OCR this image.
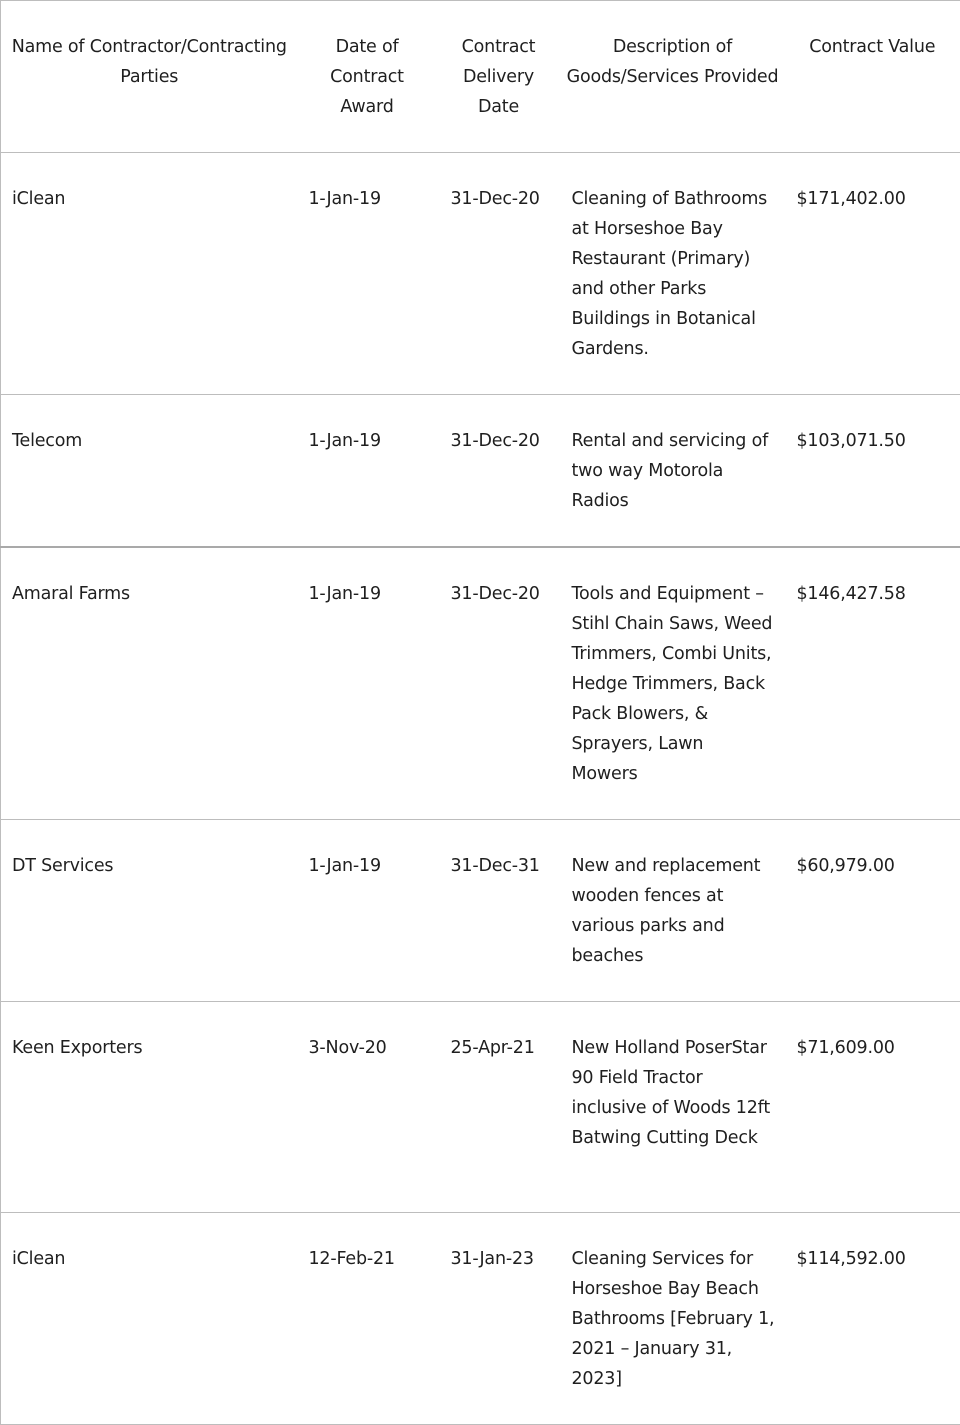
Name of Contractor/Contracting Parties	Date of Contract Award	Contract Delivery Date	Description of Goods/Services Provided	Contract Value
iClean	1-Jan-19	31-Dec-20	Cleaning of Bathrooms at Horseshoe Bay Restaurant (Primary) and other Parks Buildings in Botanical Gardens.	$171,402.00
Telecom	1-Jan-19	31-Dec-20	Rental and servicing of two way Motorola Radios	$103,071.50
Amaral Farms	1-Jan-19	31-Dec-20	Tools and Equipment – Stihl Chain Saws, Weed Trimmers, Combi Units, Hedge Trimmers, Back Pack Blowers, & Sprayers, Lawn Mowers	$146,427.58
DT Services	1-Jan-19	31-Dec-31	New and replacement wooden fences at various parks and beaches	$60,979.00
Keen Exporters	3-Nov-20	25-Apr-21	New Holland PoserStar 90 Field Tractor inclusive of Woods 12ft Batwing Cutting Deck	$71,609.00
iClean	12-Feb-21	31-Jan-23	Cleaning Services for Horseshoe Bay Beach Bathrooms [February 1, 2021 – January 31, 2023]	$114,592.00
